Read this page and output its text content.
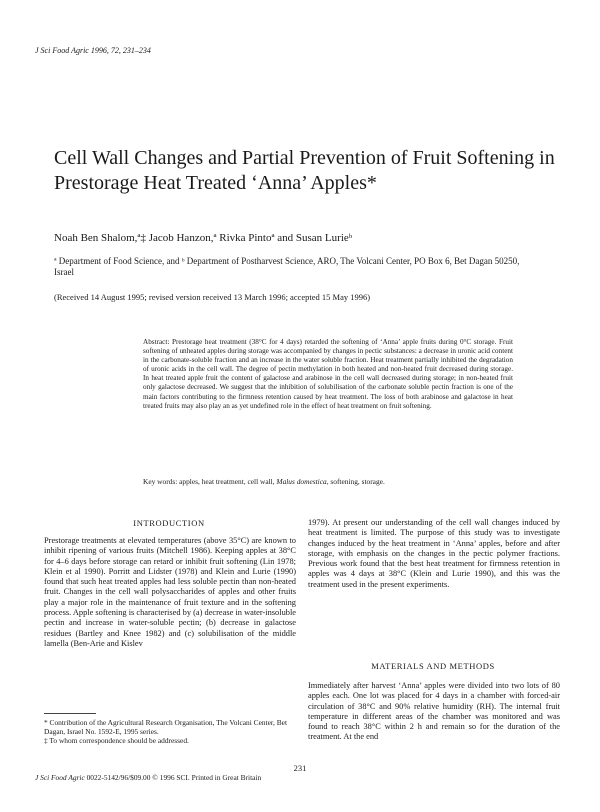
J Sci Food Agric 1996, 72, 231–234
Cell Wall Changes and Partial Prevention of Fruit Softening in Prestorage Heat Treated ‘Anna’ Apples*
Noah Ben Shalom,ª‡ Jacob Hanzon,ª Rivka Pintoª and Susan Lurieᵇ
ª Department of Food Science, and ᵇ Department of Postharvest Science, ARO, The Volcani Center, PO Box 6, Bet Dagan 50250, Israel
(Received 14 August 1995; revised version received 13 March 1996; accepted 15 May 1996)

Abstract: Prestorage heat treatment (38°C for 4 days) retarded the softening of ‘Anna’ apple fruits during 0°C storage. Fruit softening of unheated apples during storage was accompanied by changes in pectic substances: a decrease in uronic acid content in the carbonate-soluble fraction and an increase in the water soluble fraction. Heat treatment partially inhibited the degradation of uronic acids in the cell wall. The degree of pectin methylation in both heated and non-heated fruit decreased during storage. In heat treated apple fruit the content of galactose and arabinose in the cell wall decreased during storage; in non-heated fruit only galactose decreased. We suggest that the inhibition of solubilisation of the carbonate soluble pectin fraction is one of the main factors contributing to the firmness retention caused by heat treatment. The loss of both arabinose and galactose in heat treated fruits may also play an as yet undefined role in the effect of heat treatment on fruit softening.

Key words: apples, heat treatment, cell wall, Malus domestica, softening, storage.
INTRODUCTION

Prestorage treatments at elevated temperatures (above 35°C) are known to inhibit ripening of various fruits (Mitchell 1986). Keeping apples at 38°C for 4–6 days before storage can retard or inhibit fruit softening (Lin 1978; Klein et al 1990). Porritt and Lidster (1978) and Klein and Lurie (1990) found that such heat treated apples had less soluble pectin than non-heated fruit. Changes in the cell wall polysaccharides of apples and other fruits play a major role in the maintenance of fruit texture and in the softening process. Apple softening is characterised by (a) decrease in water-insoluble pectin and increase in water-soluble pectin; (b) decrease in galactose residues (Bartley and Knee 1982) and (c) solubilisation of the middle lamella (Ben-Arie and Kislev

1979). At present our understanding of the cell wall changes induced by heat treatment is limited. The purpose of this study was to investigate changes induced by the heat treatment in ‘Anna’ apples, before and after storage, with emphasis on the changes in the pectic polymer fractions. Previous work found that the best heat treatment for firmness retention in apples was 4 days at 38°C (Klein and Lurie 1990), and this was the treatment used in the present experiments.

MATERIALS AND METHODS

Immediately after harvest ‘Anna’ apples were divided into two lots of 80 apples each. One lot was placed for 4 days in a chamber with forced-air circulation of 38°C and 90% relative humidity (RH). The internal fruit temperature in different areas of the chamber was monitored and was found to reach 38°C within 2 h and remain so for the duration of the treatment. At the end

* Contribution of the Agricultural Research Organisation, The Volcani Center, Bet Dagan, Israel No. 1592-E, 1995 series.
‡ To whom correspondence should be addressed.
231
J Sci Food Agric 0022-5142/96/$09.00 © 1996 SCI. Printed in Great Britain
